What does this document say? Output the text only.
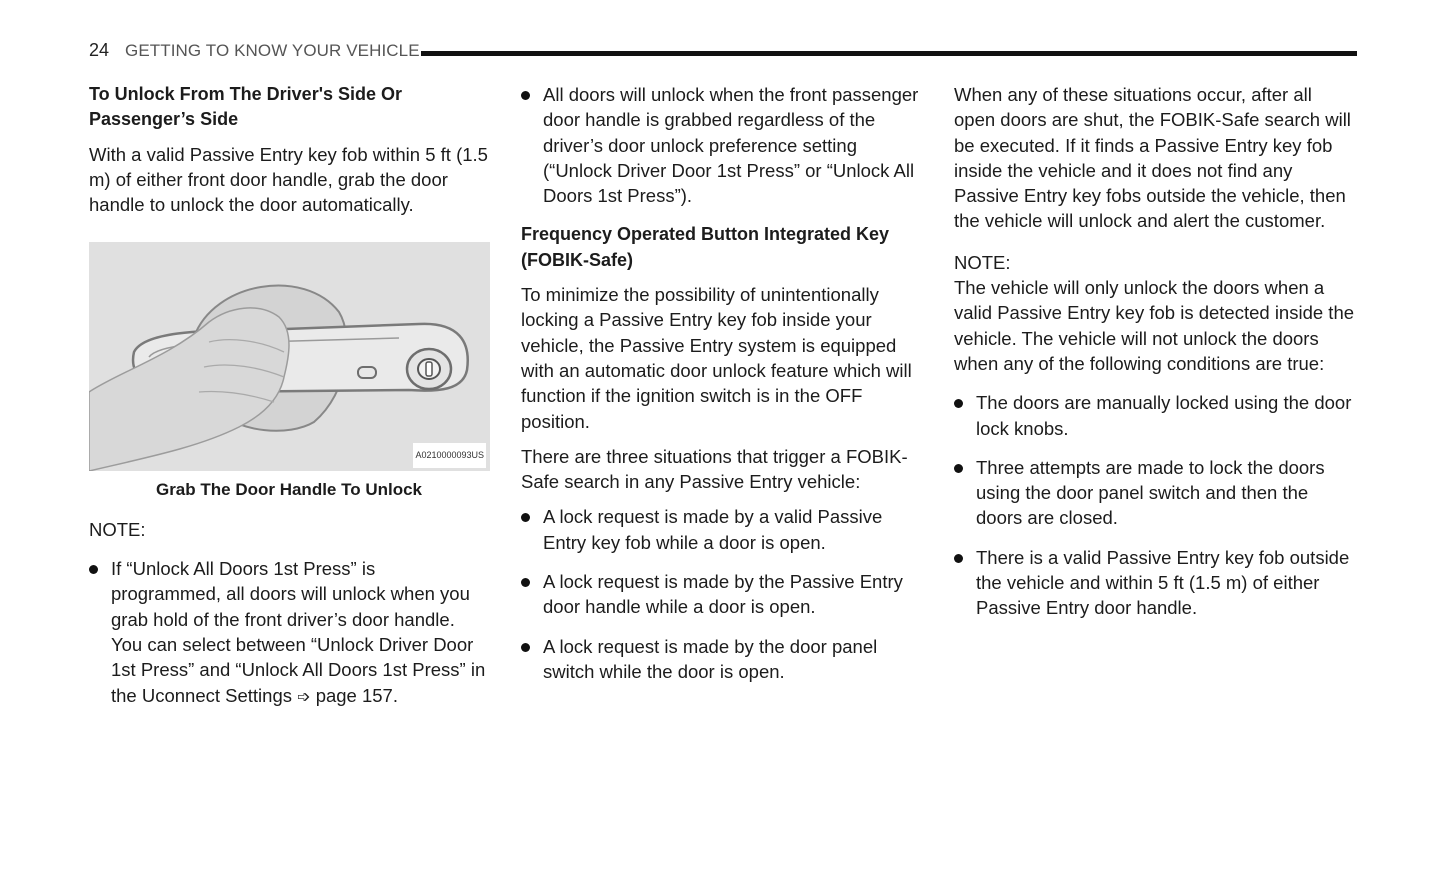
24 GETTING TO KNOW YOUR VEHICLE
To Unlock From The Driver's Side Or Passenger’s Side

With a valid Passive Entry key fob within 5 ft (1.5 m) of either front door handle, grab the door handle to unlock the door automatically.

A0210000093US
Grab The Door Handle To Unlock
NOTE:
If “Unlock All Doors 1st Press” is programmed, all doors will unlock when you grab hold of the front driver’s door handle. You can select between “Unlock Driver Door 1st Press” and “Unlock All Doors 1st Press” in the Uconnect Settings ➩ page 157.
All doors will unlock when the front passenger door handle is grabbed regardless of the driver’s door unlock preference setting (“Unlock Driver Door 1st Press” or “Unlock All Doors 1st Press”).
Frequency Operated Button Integrated Key (FOBIK-Safe)

To minimize the possibility of unintentionally locking a Passive Entry key fob inside your vehicle, the Passive Entry system is equipped with an automatic door unlock feature which will function if the ignition switch is in the OFF position.

There are three situations that trigger a FOBIK-Safe search in any Passive Entry vehicle:

A lock request is made by a valid Passive Entry key fob while a door is open.
A lock request is made by the Passive Entry door handle while a door is open.
A lock request is made by the door panel switch while the door is open.

When any of these situations occur, after all open doors are shut, the FOBIK-Safe search will be executed. If it finds a Passive Entry key fob inside the vehicle and it does not find any Passive Entry key fobs outside the vehicle, then the vehicle will unlock and alert the customer.

NOTE:

The vehicle will only unlock the doors when a valid Passive Entry key fob is detected inside the vehicle. The vehicle will not unlock the doors when any of the following conditions are true:

The doors are manually locked using the door lock knobs.
Three attempts are made to lock the doors using the door panel switch and then the doors are closed.
There is a valid Passive Entry key fob outside the vehicle and within 5 ft (1.5 m) of either Passive Entry door handle.
